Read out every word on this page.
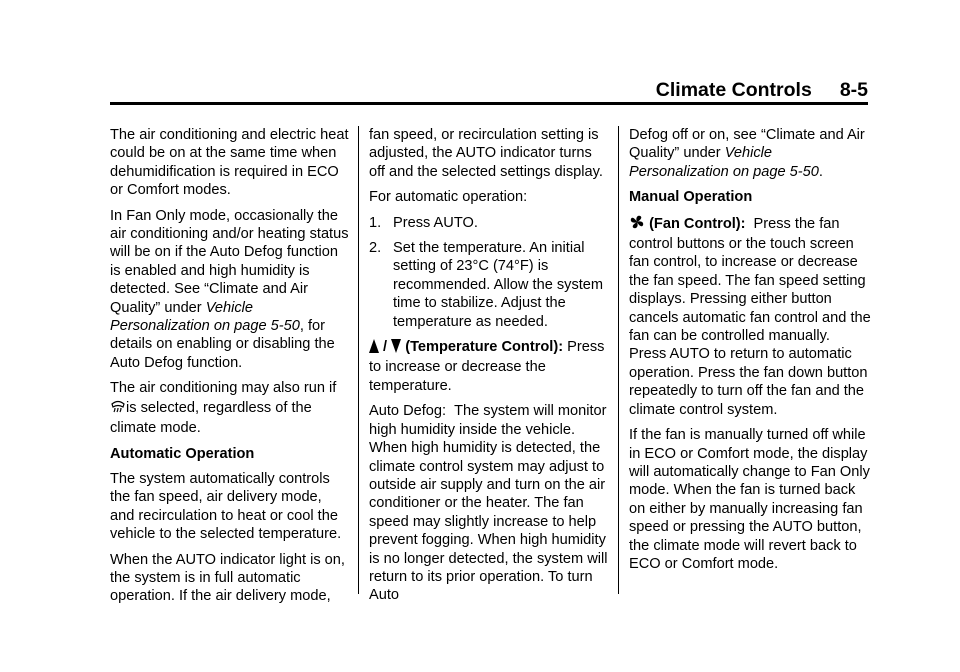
Climate Controls 8-5

The air conditioning and electric heat could be on at the same time when dehumidification is required in ECO or Comfort modes.

In Fan Only mode, occasionally the air conditioning and/or heating status will be on if the Auto Defog function is enabled and high humidity is detected. See “Climate and Air Quality” under Vehicle Personalization on page 5-50, for details on enabling or disabling the Auto Defog function.

The air conditioning may also run if is selected, regardless of the climate mode.

Automatic Operation

The system automatically controls the fan speed, air delivery mode, and recirculation to heat or cool the vehicle to the selected temperature.

When the AUTO indicator light is on, the system is in full automatic operation. If the air delivery mode,

fan speed, or recirculation setting is adjusted, the AUTO indicator turns off and the selected settings display.

For automatic operation:

1. Press AUTO.
2. Set the temperature. An initial setting of 23°C (74°F) is recommended. Allow the system time to stabilize. Adjust the temperature as needed.

/  (Temperature Control): Press to increase or decrease the temperature.

Auto Defog: The system will monitor high humidity inside the vehicle. When high humidity is detected, the climate control system may adjust to outside air supply and turn on the air conditioner or the heater. The fan speed may slightly increase to help prevent fogging. When high humidity is no longer detected, the system will return to its prior operation. To turn Auto

Defog off or on, see “Climate and Air Quality” under Vehicle Personalization on page 5-50.

Manual Operation

(Fan Control): Press the fan control buttons or the touch screen fan control, to increase or decrease the fan speed. The fan speed setting displays. Pressing either button cancels automatic fan control and the fan can be controlled manually. Press AUTO to return to automatic operation. Press the fan down button repeatedly to turn off the fan and the climate control system.

If the fan is manually turned off while in ECO or Comfort mode, the display will automatically change to Fan Only mode. When the fan is turned back on either by manually increasing fan speed or pressing the AUTO button, the climate mode will revert back to ECO or Comfort mode.
